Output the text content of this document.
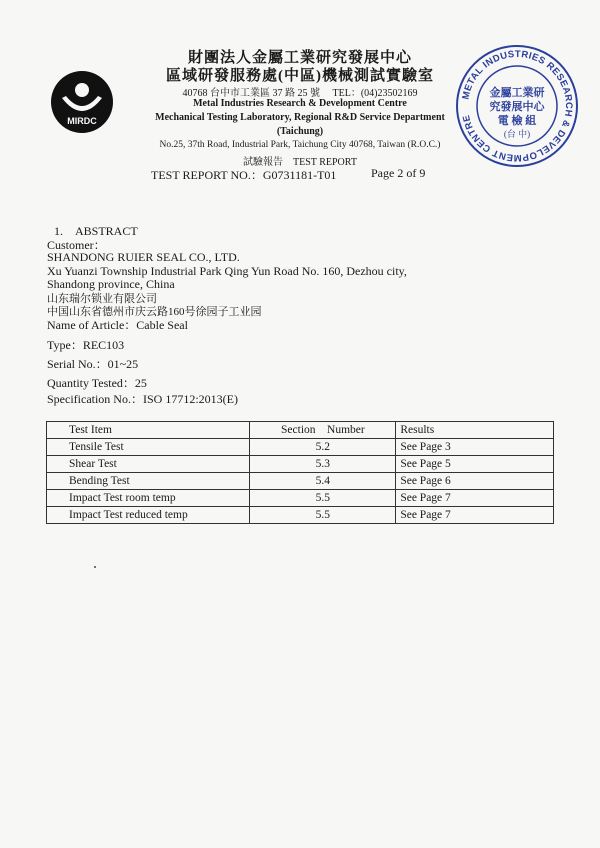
MIRDC
財團法人金屬工業研究發展中心
區域研發服務處(中區)機械測試實驗室
40768 台中市工業區 37 路 25 號　 TEL：(04)23502169
Metal Industries Research & Development Centre
Mechanical Testing Laboratory, Regional R&D Service Department
(Taichung)
No.25, 37th Road, Industrial Park, Taichung City 40768, Taiwan (R.O.C.)
試驗報告　TEST REPORT
TEST REPORT NO.：G0731181-T01	Page 2 of 9
METAL INDUSTRIES RESEARCH & DEVELOPMENT CENTRE
金屬工業研
究發展中心
電 檢 組
(台 中)
1.　ABSTRACT
Customer：
SHANDONG RUIER SEAL CO., LTD.
Xu Yuanzi Township Industrial Park Qing Yun Road No. 160, Dezhou city,
Shandong province, China
山东瑞尔锁业有限公司
中国山东省德州市庆云路160号徐园子工业园
Name of Article：Cable Seal
Type：REC103
Serial No.：01~25
Quantity Tested：25
Specification No.：ISO 17712:2013(E)
Test Item	Section　Number	Results
Tensile Test	5.2	See Page 3
Shear Test	5.3	See Page 5
Bending Test	5.4	See Page 6
Impact Test room temp	5.5	See Page 7
Impact Test reduced temp	5.5	See Page 7
